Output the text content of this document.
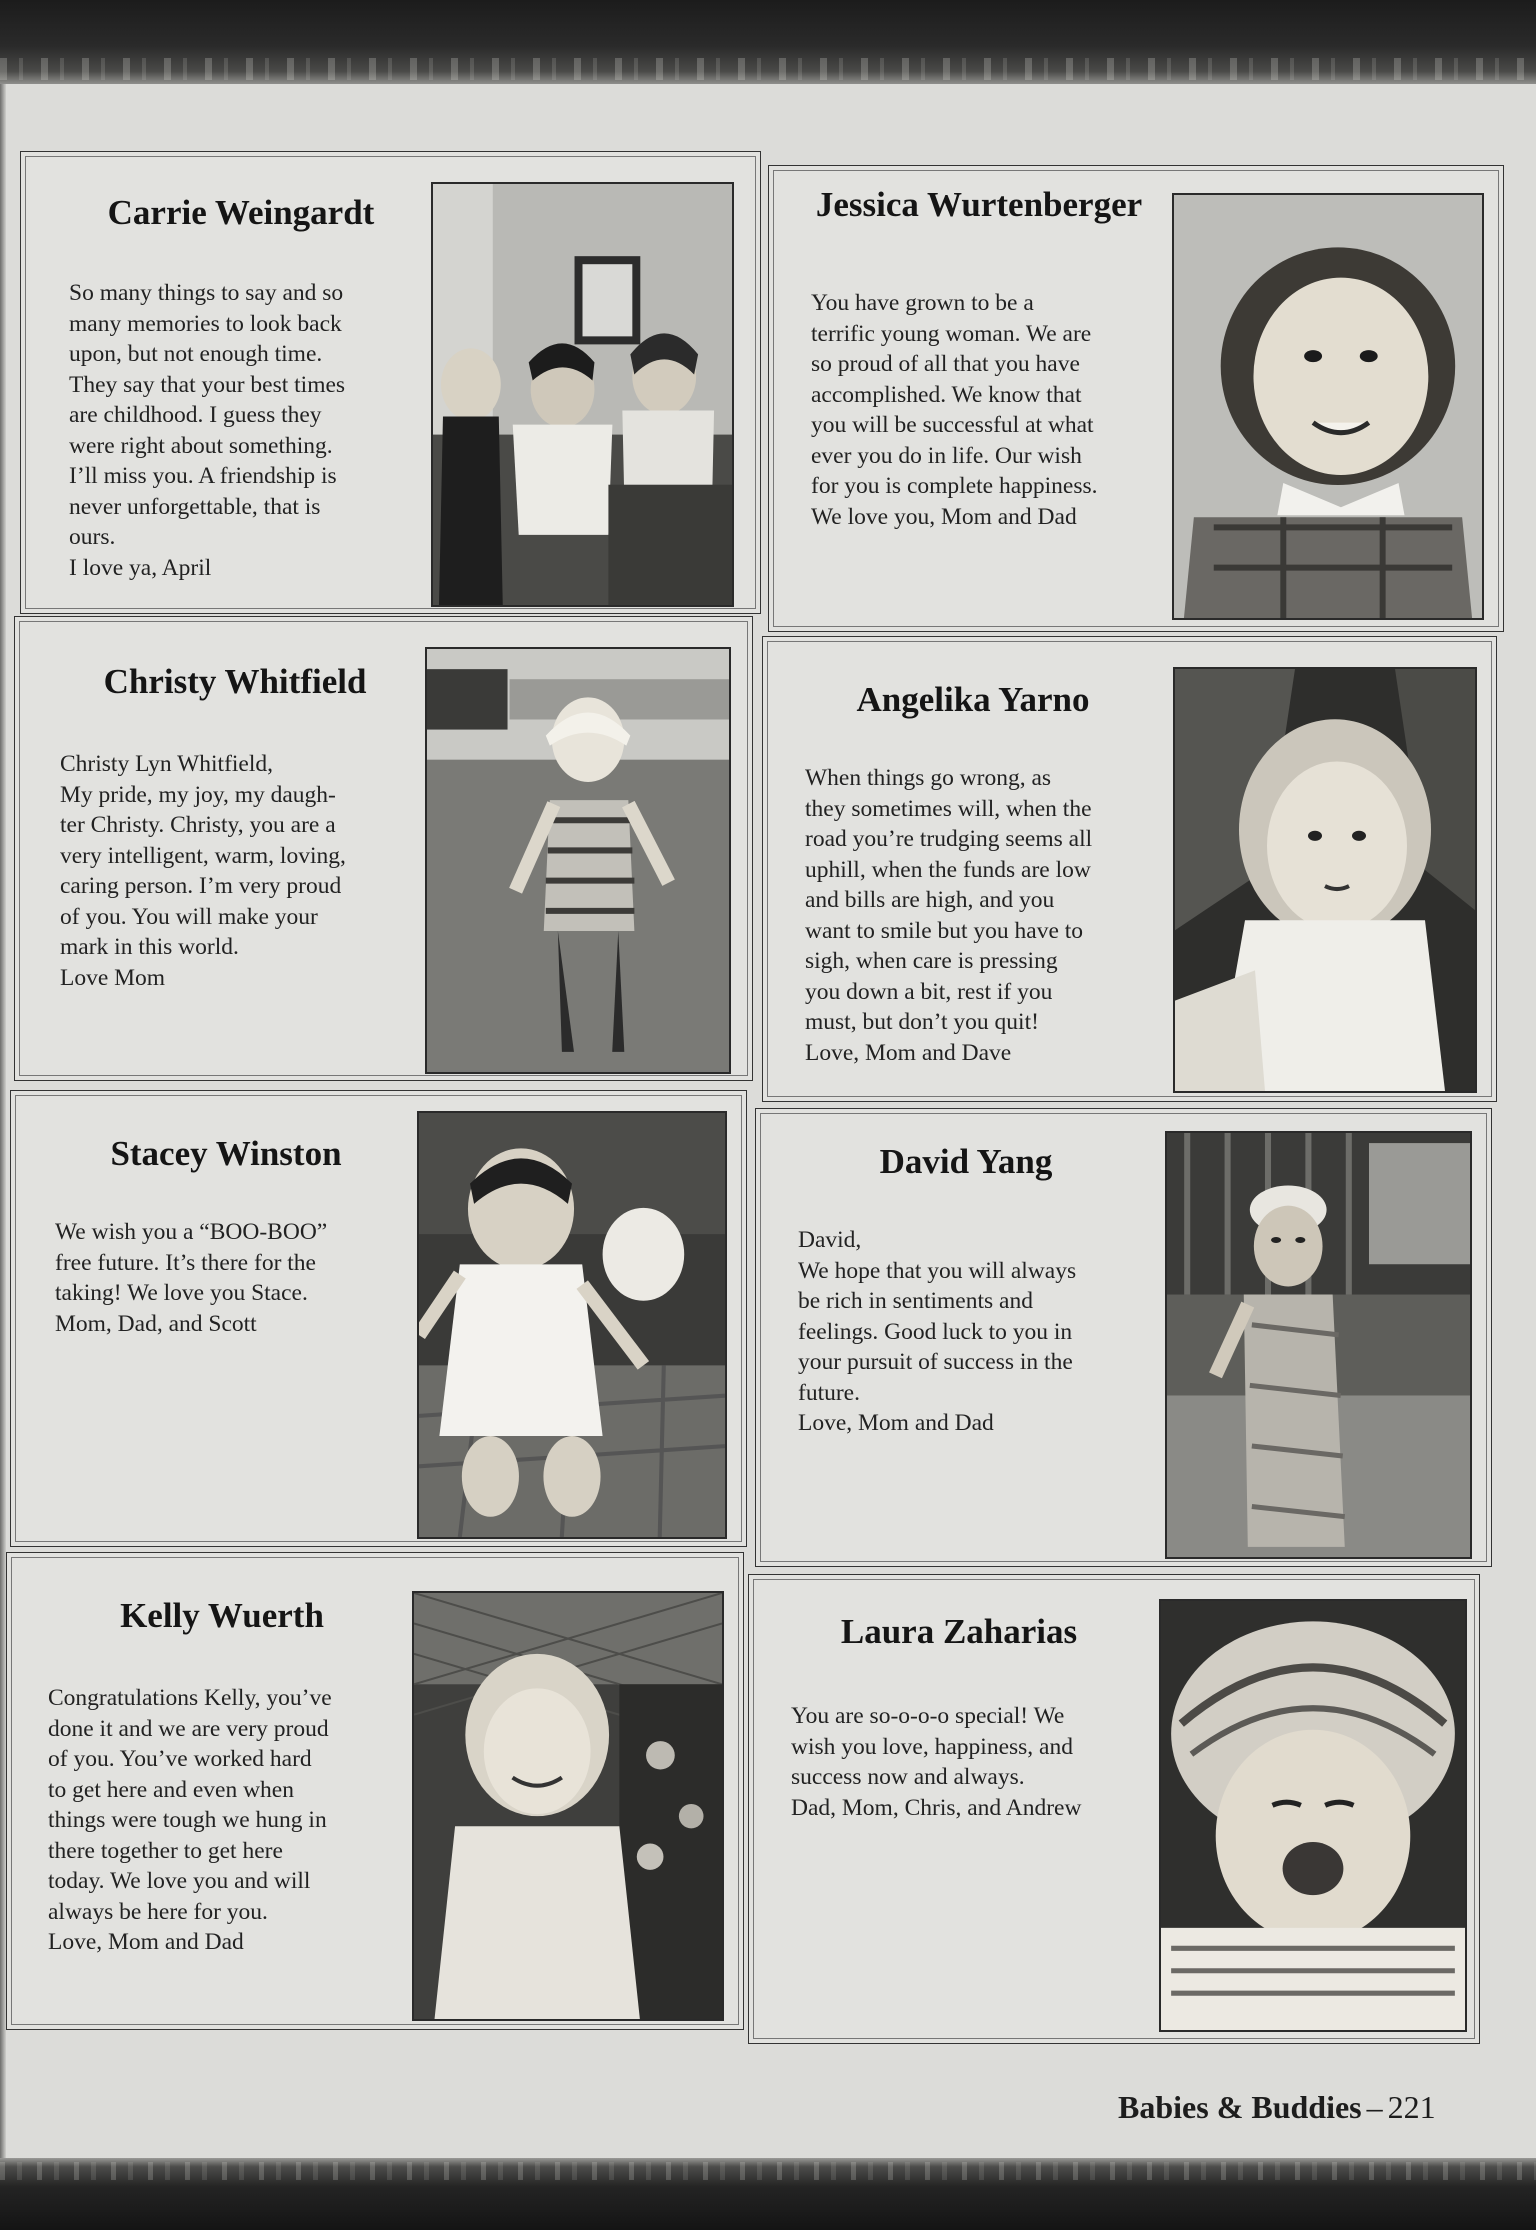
Carrie Weingardt

So many things to say and so
many memories to look back
upon, but not enough time.
They say that your best times
are childhood. I guess they
were right about something.
I’ll miss you. A friendship is
never unforgettable, that is
ours.
I love ya, April

Jessica Wurtenberger

You have grown to be a
terrific young woman. We are
so proud of all that you have
accomplished. We know that
you will be successful at what
ever you do in life. Our wish
for you is complete happiness.
We love you, Mom and Dad

Christy Whitfield

Christy Lyn Whitfield,
My pride, my joy, my daugh-
ter Christy. Christy, you are a
very intelligent, warm, loving,
caring person. I’m very proud
of you. You will make your
mark in this world.
Love Mom

Angelika Yarno

When things go wrong, as
they sometimes will, when the
road you’re trudging seems all
uphill, when the funds are low
and bills are high, and you
want to smile but you have to
sigh, when care is pressing
you down a bit, rest if you
must, but don’t you quit!
Love, Mom and Dave

Stacey Winston

We wish you a “BOO-BOO”
free future. It’s there for the
taking! We love you Stace.
Mom, Dad, and Scott

David Yang

David,
We hope that you will always
be rich in sentiments and
feelings. Good luck to you in
your pursuit of success in the
future.
Love, Mom and Dad

Kelly Wuerth

Congratulations Kelly, you’ve
done it and we are very proud
of you. You’ve worked hard
to get here and even when
things were tough we hung in
there together to get here
today. We love you and will
always be here for you.
Love, Mom and Dad

Laura Zaharias

You are so-o-o-o special! We
wish you love, happiness, and
success now and always.
Dad, Mom, Chris, and Andrew

Babies & Buddies – 221
